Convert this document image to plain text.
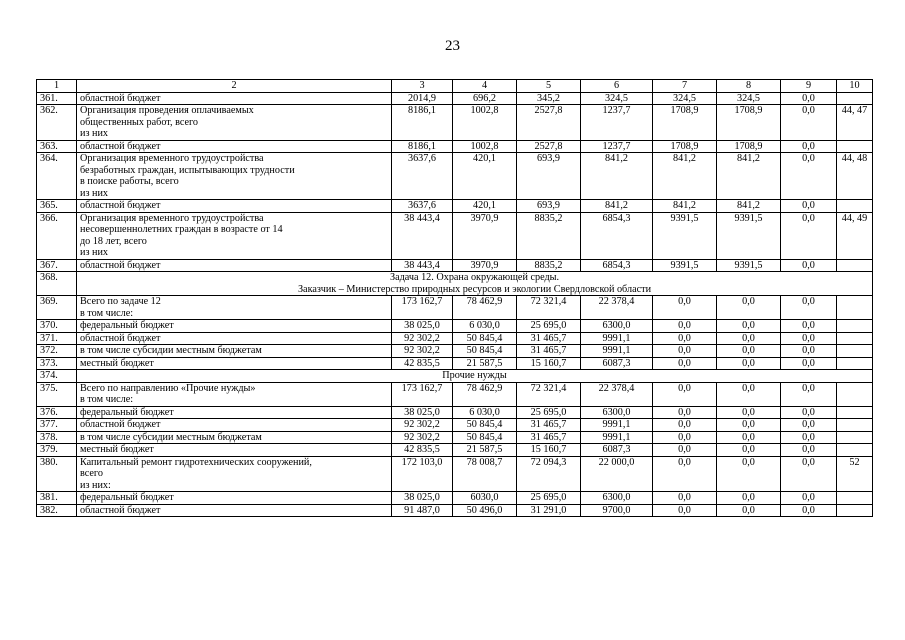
23
1	2	3	4	5	6	7	8	9	10
361.	областной бюджет	2014,9	696,2	345,2	324,5	324,5	324,5	0,0	
362.	Организация проведения оплачиваемых
общественных работ, всего
из них	8186,1	1002,8	2527,8	1237,7	1708,9	1708,9	0,0	44, 47
363.	областной бюджет	8186,1	1002,8	2527,8	1237,7	1708,9	1708,9	0,0	
364.	Организация временного трудоустройства
безработных граждан, испытывающих трудности
в поиске работы, всего
из них	3637,6	420,1	693,9	841,2	841,2	841,2	0,0	44, 48
365.	областной бюджет	3637,6	420,1	693,9	841,2	841,2	841,2	0,0	
366.	Организация временного трудоустройства
несовершеннолетних граждан в возрасте от 14
до 18 лет, всего
из них	38 443,4	3970,9	8835,2	6854,3	9391,5	9391,5	0,0	44, 49
367.	областной бюджет	38 443,4	3970,9	8835,2	6854,3	9391,5	9391,5	0,0	
368.	Задача 12. Охрана окружающей среды.
Заказчик – Министерство природных ресурсов и экологии Свердловской области								

369.	Всего по задаче 12
в том числе:	173 162,7	78 462,9	72 321,4	22 378,4	0,0	0,0	0,0	
370.	федеральный бюджет	38 025,0	6 030,0	25 695,0	6300,0	0,0	0,0	0,0	
371.	областной бюджет	92 302,2	50 845,4	31 465,7	9991,1	0,0	0,0	0,0	
372.	в том числе субсидии местным бюджетам	92 302,2	50 845,4	31 465,7	9991,1	0,0	0,0	0,0	
373.	местный бюджет	42 835,5	21 587,5	15 160,7	6087,3	0,0	0,0	0,0	
374.	Прочие нужды								

375.	Всего по направлению «Прочие нужды»
в том числе:	173 162,7	78 462,9	72 321,4	22 378,4	0,0	0,0	0,0	
376.	федеральный бюджет	38 025,0	6 030,0	25 695,0	6300,0	0,0	0,0	0,0	
377.	областной бюджет	92 302,2	50 845,4	31 465,7	9991,1	0,0	0,0	0,0	
378.	в том числе субсидии местным бюджетам	92 302,2	50 845,4	31 465,7	9991,1	0,0	0,0	0,0	
379.	местный бюджет	42 835,5	21 587,5	15 160,7	6087,3	0,0	0,0	0,0	
380.	Капитальный ремонт гидротехнических сооружений,
всего
из них:	172 103,0	78 008,7	72 094,3	22 000,0	0,0	0,0	0,0	52
381.	федеральный бюджет	38 025,0	6030,0	25 695,0	6300,0	0,0	0,0	0,0	
382.	областной бюджет	91 487,0	50 496,0	31 291,0	9700,0	0,0	0,0	0,0	
